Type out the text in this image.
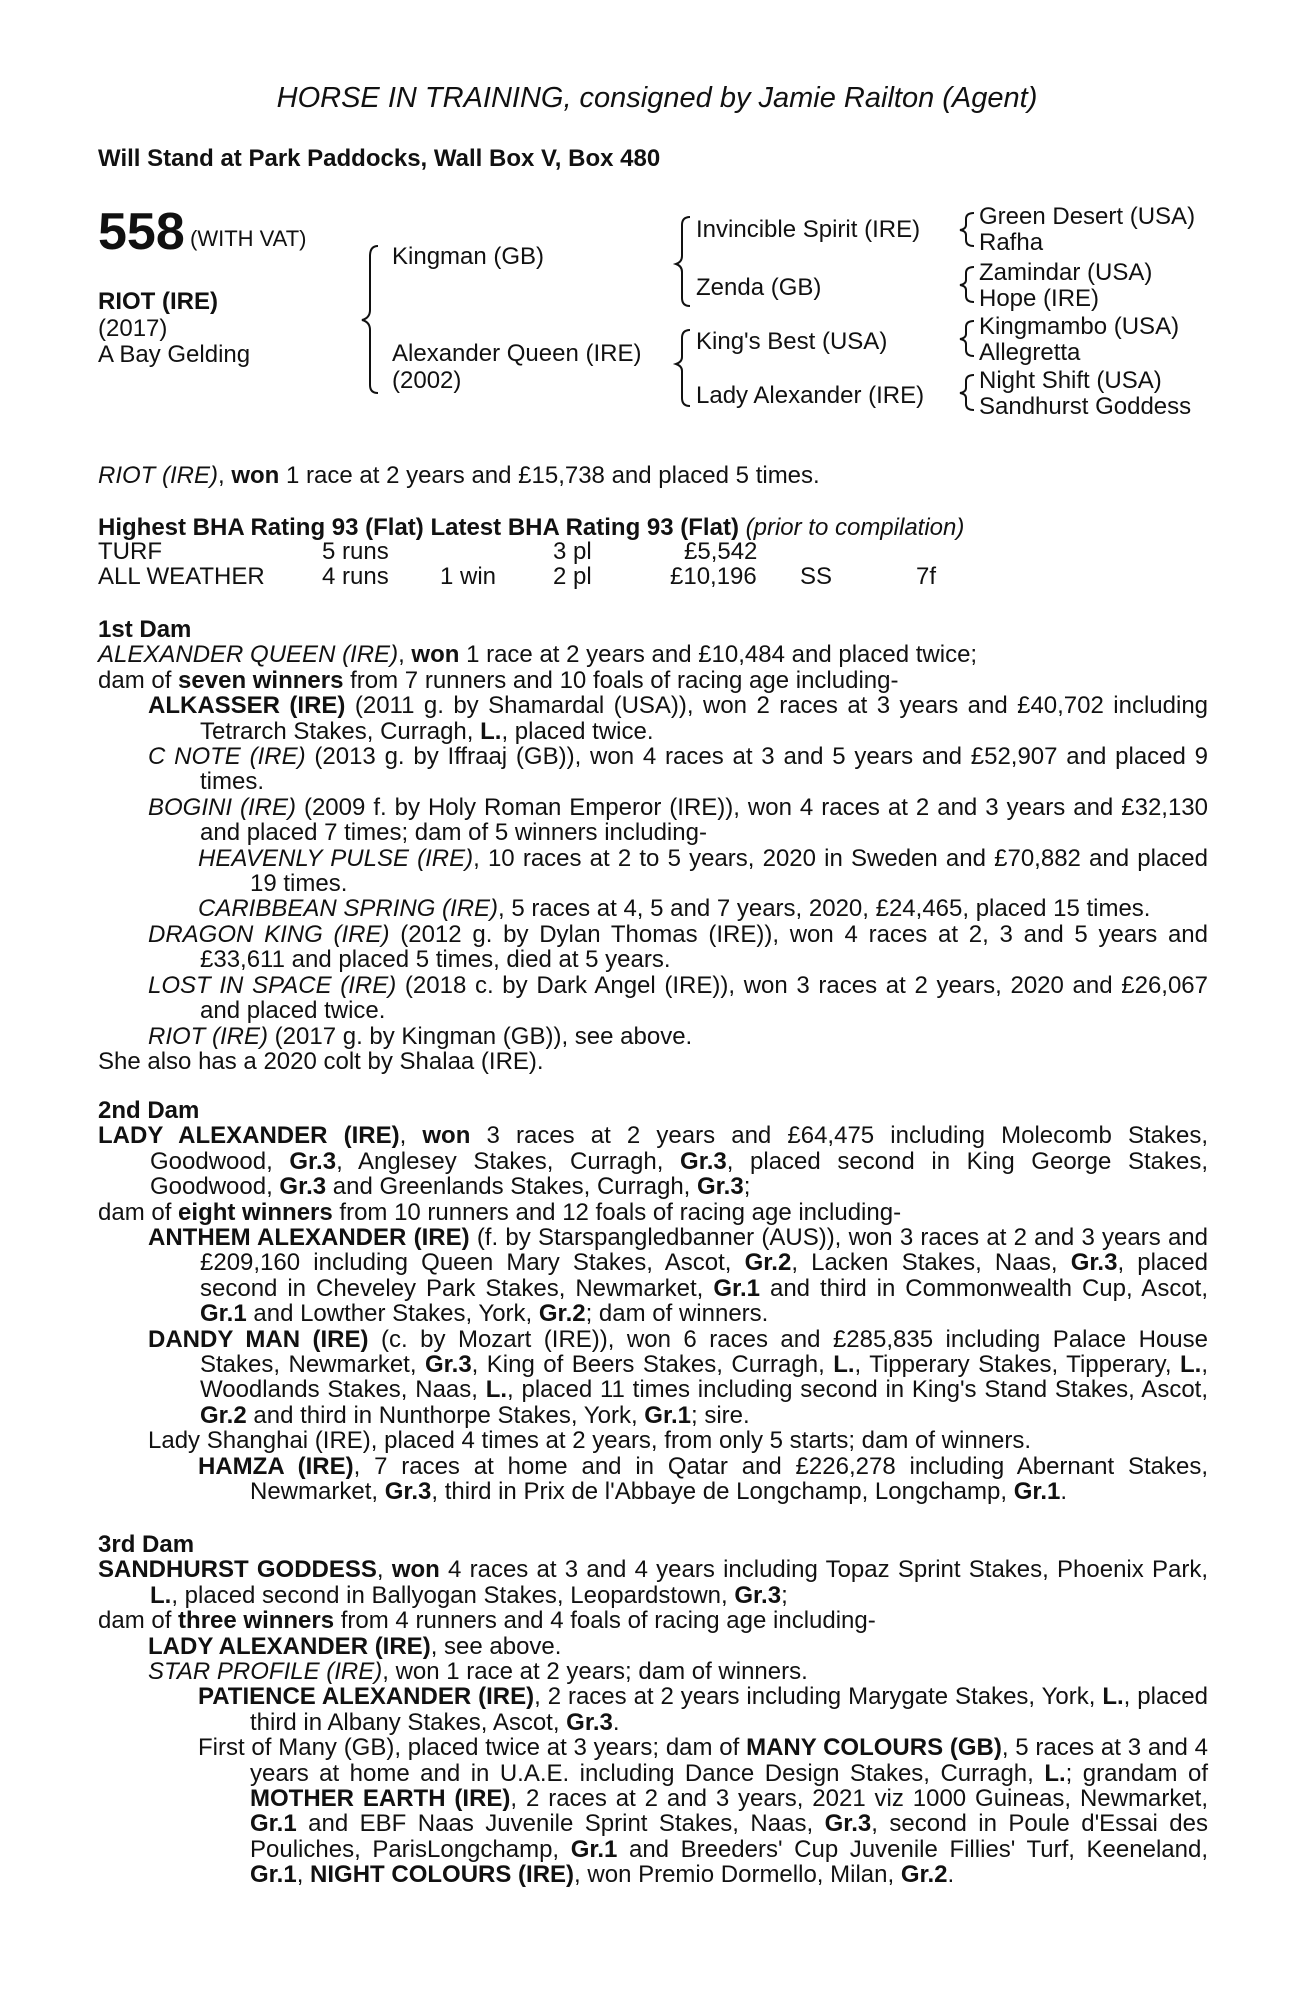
HORSE IN TRAINING, consigned by Jamie Railton (Agent)
Will Stand at Park Paddocks, Wall Box V, Box 480
558 (WITH VAT)
RIOT (IRE)
(2017)
A Bay Gelding
Kingman (GB)
Alexander Queen (IRE)
(2002)
Invincible Spirit (IRE)
Zenda (GB)
King's Best (USA)
Lady Alexander (IRE)
Green Desert (USA)
Rafha
Zamindar (USA)
Hope (IRE)
Kingmambo (USA)
Allegretta
Night Shift (USA)
Sandhurst Goddess
RIOT (IRE), won 1 race at 2 years and £15,738 and placed 5 times.
Highest BHA Rating 93 (Flat) Latest BHA Rating 93 (Flat) (prior to compilation)
TURF	5 runs	3 pl	£5,542
ALL WEATHER 4 runs 1 win 2 pl	£10,196 SS	7f

1st Dam

ALEXANDER QUEEN (IRE), won 1 race at 2 years and £10,484 and placed twice;

dam of seven winners from 7 runners and 10 foals of racing age including-

ALKASSER (IRE) (2011 g. by Shamardal (USA)), won 2 races at 3 years and £40,702 including Tetrarch Stakes, Curragh, L., placed twice.

C NOTE (IRE) (2013 g. by Iffraaj (GB)), won 4 races at 3 and 5 years and £52,907 and placed 9 times.

BOGINI (IRE) (2009 f. by Holy Roman Emperor (IRE)), won 4 races at 2 and 3 years and £32,130 and placed 7 times; dam of 5 winners including-

HEAVENLY PULSE (IRE), 10 races at 2 to 5 years, 2020 in Sweden and £70,882 and placed 19 times.

CARIBBEAN SPRING (IRE), 5 races at 4, 5 and 7 years, 2020, £24,465, placed 15 times.

DRAGON KING (IRE) (2012 g. by Dylan Thomas (IRE)), won 4 races at 2, 3 and 5 years and £33,611 and placed 5 times, died at 5 years.

LOST IN SPACE (IRE) (2018 c. by Dark Angel (IRE)), won 3 races at 2 years, 2020 and £26,067 and placed twice.

RIOT (IRE) (2017 g. by Kingman (GB)), see above.

She also has a 2020 colt by Shalaa (IRE).

2nd Dam

LADY ALEXANDER (IRE), won 3 races at 2 years and £64,475 including Molecomb Stakes, Goodwood, Gr.3, Anglesey Stakes, Curragh, Gr.3, placed second in King George Stakes, Goodwood, Gr.3 and Greenlands Stakes, Curragh, Gr.3;

dam of eight winners from 10 runners and 12 foals of racing age including-

ANTHEM ALEXANDER (IRE) (f. by Starspangledbanner (AUS)), won 3 races at 2 and 3 years and £209,160 including Queen Mary Stakes, Ascot, Gr.2, Lacken Stakes, Naas, Gr.3, placed second in Cheveley Park Stakes, Newmarket, Gr.1 and third in Commonwealth Cup, Ascot, Gr.1 and Lowther Stakes, York, Gr.2; dam of winners.

DANDY MAN (IRE) (c. by Mozart (IRE)), won 6 races and £285,835 including Palace House Stakes, Newmarket, Gr.3, King of Beers Stakes, Curragh, L., Tipperary Stakes, Tipperary, L., Woodlands Stakes, Naas, L., placed 11 times including second in King's Stand Stakes, Ascot, Gr.2 and third in Nunthorpe Stakes, York, Gr.1; sire.

Lady Shanghai (IRE), placed 4 times at 2 years, from only 5 starts; dam of winners.

HAMZA (IRE), 7 races at home and in Qatar and £226,278 including Abernant Stakes, Newmarket, Gr.3, third in Prix de l'Abbaye de Longchamp, Longchamp, Gr.1.

3rd Dam

SANDHURST GODDESS, won 4 races at 3 and 4 years including Topaz Sprint Stakes, Phoenix Park, L., placed second in Ballyogan Stakes, Leopardstown, Gr.3;

dam of three winners from 4 runners and 4 foals of racing age including-

LADY ALEXANDER (IRE), see above.

STAR PROFILE (IRE), won 1 race at 2 years; dam of winners.

PATIENCE ALEXANDER (IRE), 2 races at 2 years including Marygate Stakes, York, L., placed third in Albany Stakes, Ascot, Gr.3.

First of Many (GB), placed twice at 3 years; dam of MANY COLOURS (GB), 5 races at 3 and 4 years at home and in U.A.E. including Dance Design Stakes, Curragh, L.; grandam of MOTHER EARTH (IRE), 2 races at 2 and 3 years, 2021 viz 1000 Guineas, Newmarket, Gr.1 and EBF Naas Juvenile Sprint Stakes, Naas, Gr.3, second in Poule d'Essai des Pouliches, ParisLongchamp, Gr.1 and Breeders' Cup Juvenile Fillies' Turf, Keeneland, Gr.1, NIGHT COLOURS (IRE), won Premio Dormello, Milan, Gr.2.
